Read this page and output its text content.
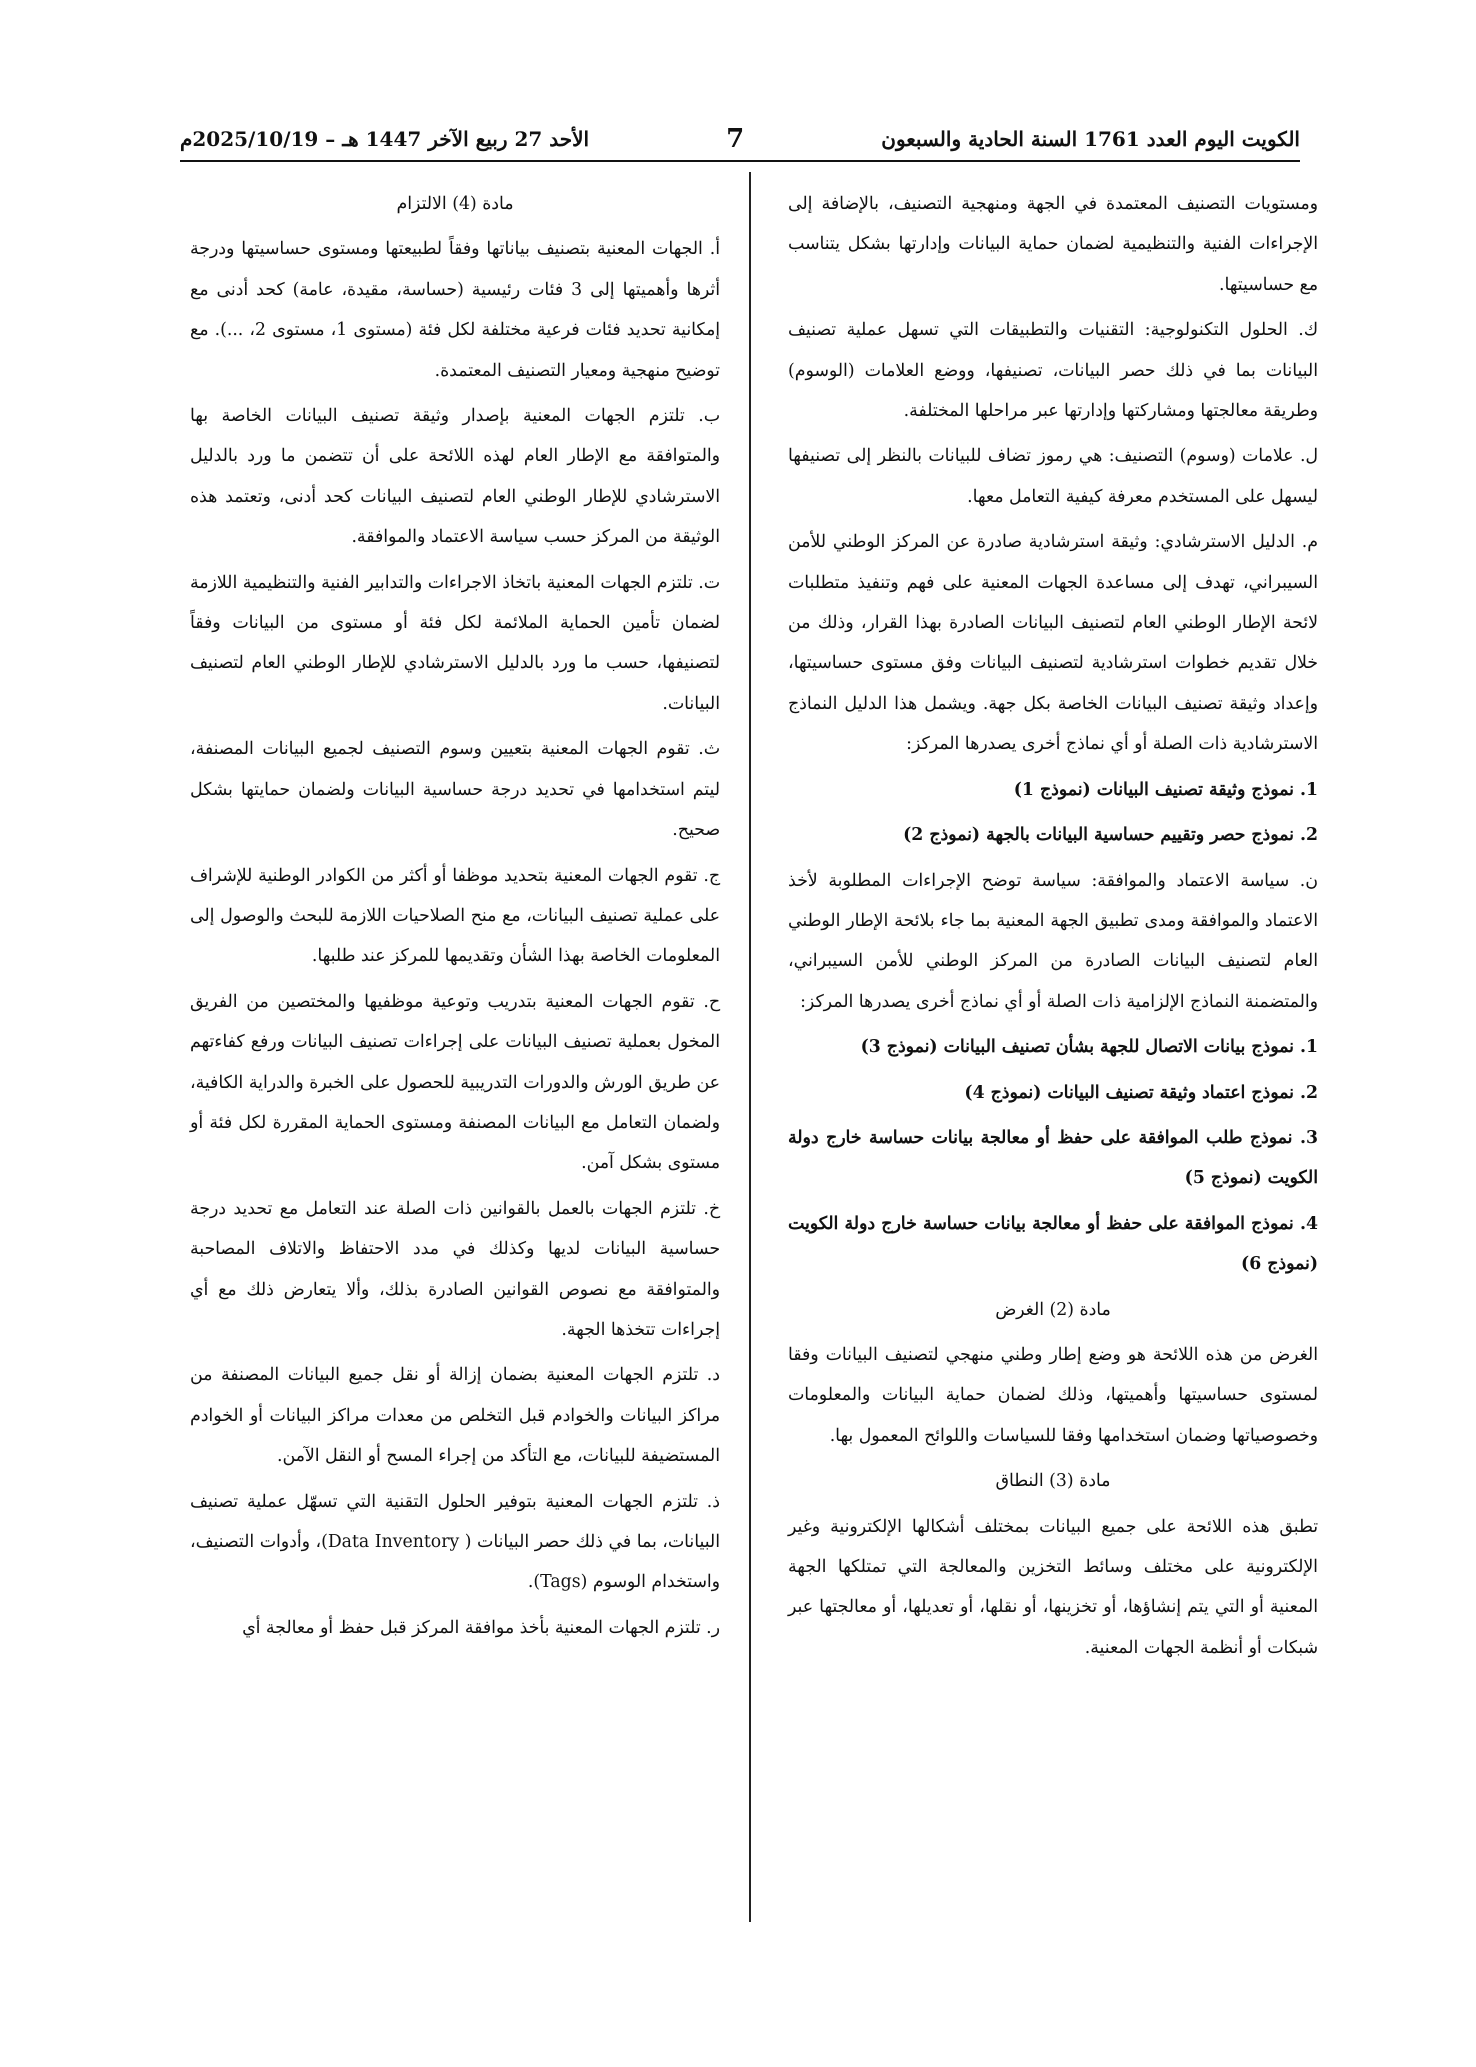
الكويت اليوم العدد 1761 السنة الحادية والسبعون
7
الأحد 27 ربيع الآخر 1447 هـ – 2025/10/19م

ومستويات التصنيف المعتمدة في الجهة ومنهجية التصنيف، بالإضافة إلى الإجراءات الفنية والتنظيمية لضمان حماية البيانات وإدارتها بشكل يتناسب مع حساسيتها.

ك. الحلول التكنولوجية: التقنيات والتطبيقات التي تسهل عملية تصنيف البيانات بما في ذلك حصر البيانات، تصنيفها، ووضع العلامات (الوسوم) وطريقة معالجتها ومشاركتها وإدارتها عبر مراحلها المختلفة.

ل. علامات (وسوم) التصنيف: هي رموز تضاف للبيانات بالنظر إلى تصنيفها ليسهل على المستخدم معرفة كيفية التعامل معها.

م. الدليل الاسترشادي: وثيقة استرشادية صادرة عن المركز الوطني للأمن السيبراني، تهدف إلى مساعدة الجهات المعنية على فهم وتنفيذ متطلبات لائحة الإطار الوطني العام لتصنيف البيانات الصادرة بهذا القرار، وذلك من خلال تقديم خطوات استرشادية لتصنيف البيانات وفق مستوى حساسيتها، وإعداد وثيقة تصنيف البيانات الخاصة بكل جهة. ويشمل هذا الدليل النماذج الاسترشادية ذات الصلة أو أي نماذج أخرى يصدرها المركز:

1. نموذج وثيقة تصنيف البيانات (نموذج 1)

2. نموذج حصر وتقييم حساسية البيانات بالجهة (نموذج 2)

ن. سياسة الاعتماد والموافقة: سياسة توضح الإجراءات المطلوبة لأخذ الاعتماد والموافقة ومدى تطبيق الجهة المعنية بما جاء بلائحة الإطار الوطني العام لتصنيف البيانات الصادرة من المركز الوطني للأمن السيبراني، والمتضمنة النماذج الإلزامية ذات الصلة أو أي نماذج أخرى يصدرها المركز:

1. نموذج بيانات الاتصال للجهة بشأن تصنيف البيانات (نموذج 3)

2. نموذج اعتماد وثيقة تصنيف البيانات (نموذج 4)

3. نموذج طلب الموافقة على حفظ أو معالجة بيانات حساسة خارج دولة الكويت (نموذج 5)

4. نموذج الموافقة على حفظ أو معالجة بيانات حساسة خارج دولة الكويت (نموذج 6)

مادة (2) الغرض

الغرض من هذه اللائحة هو وضع إطار وطني منهجي لتصنيف البيانات وفقا لمستوى حساسيتها وأهميتها، وذلك لضمان حماية البيانات والمعلومات وخصوصياتها وضمان استخدامها وفقا للسياسات واللوائح المعمول بها.

مادة (3) النطاق

تطبق هذه اللائحة على جميع البيانات بمختلف أشكالها الإلكترونية وغير الإلكترونية على مختلف وسائط التخزين والمعالجة التي تمتلكها الجهة المعنية أو التي يتم إنشاؤها، أو تخزينها، أو نقلها، أو تعديلها، أو معالجتها عبر شبكات أو أنظمة الجهات المعنية.

مادة (4) الالتزام

أ. الجهات المعنية بتصنيف بياناتها وفقاً لطبيعتها ومستوى حساسيتها ودرجة أثرها وأهميتها إلى 3 فئات رئيسية (حساسة، مقيدة، عامة) كحد أدنى مع إمكانية تحديد فئات فرعية مختلفة لكل فئة (مستوى 1، مستوى 2، ...). مع توضيح منهجية ومعيار التصنيف المعتمدة.

ب. تلتزم الجهات المعنية بإصدار وثيقة تصنيف البيانات الخاصة بها والمتوافقة مع الإطار العام لهذه اللائحة على أن تتضمن ما ورد بالدليل الاسترشادي للإطار الوطني العام لتصنيف البيانات كحد أدنى، وتعتمد هذه الوثيقة من المركز حسب سياسة الاعتماد والموافقة.

ت. تلتزم الجهات المعنية باتخاذ الاجراءات والتدابير الفنية والتنظيمية اللازمة لضمان تأمين الحماية الملائمة لكل فئة أو مستوى من البيانات وفقاً لتصنيفها، حسب ما ورد بالدليل الاسترشادي للإطار الوطني العام لتصنيف البيانات.

ث. تقوم الجهات المعنية بتعيين وسوم التصنيف لجميع البيانات المصنفة، ليتم استخدامها في تحديد درجة حساسية البيانات ولضمان حمايتها بشكل صحيح.

ج. تقوم الجهات المعنية بتحديد موظفا أو أكثر من الكوادر الوطنية للإشراف على عملية تصنيف البيانات، مع منح الصلاحيات اللازمة للبحث والوصول إلى المعلومات الخاصة بهذا الشأن وتقديمها للمركز عند طلبها.

ح. تقوم الجهات المعنية بتدريب وتوعية موظفيها والمختصين من الفريق المخول بعملية تصنيف البيانات على إجراءات تصنيف البيانات ورفع كفاءتهم عن طريق الورش والدورات التدريبية للحصول على الخبرة والدراية الكافية، ولضمان التعامل مع البيانات المصنفة ومستوى الحماية المقررة لكل فئة أو مستوى بشكل آمن.

خ. تلتزم الجهات بالعمل بالقوانين ذات الصلة عند التعامل مع تحديد درجة حساسية البيانات لديها وكذلك في مدد الاحتفاظ والاتلاف المصاحبة والمتوافقة مع نصوص القوانين الصادرة بذلك، وألا يتعارض ذلك مع أي إجراءات تتخذها الجهة.

د. تلتزم الجهات المعنية بضمان إزالة أو نقل جميع البيانات المصنفة من مراكز البيانات والخوادم قبل التخلص من معدات مراكز البيانات أو الخوادم المستضيفة للبيانات، مع التأكد من إجراء المسح أو النقل الآمن.

ذ. تلتزم الجهات المعنية بتوفير الحلول التقنية التي تسهّل عملية تصنيف البيانات، بما في ذلك حصر البيانات ( Data Inventory)، وأدوات التصنيف، واستخدام الوسوم (Tags).

ر. تلتزم الجهات المعنية بأخذ موافقة المركز قبل حفظ أو معالجة أي
